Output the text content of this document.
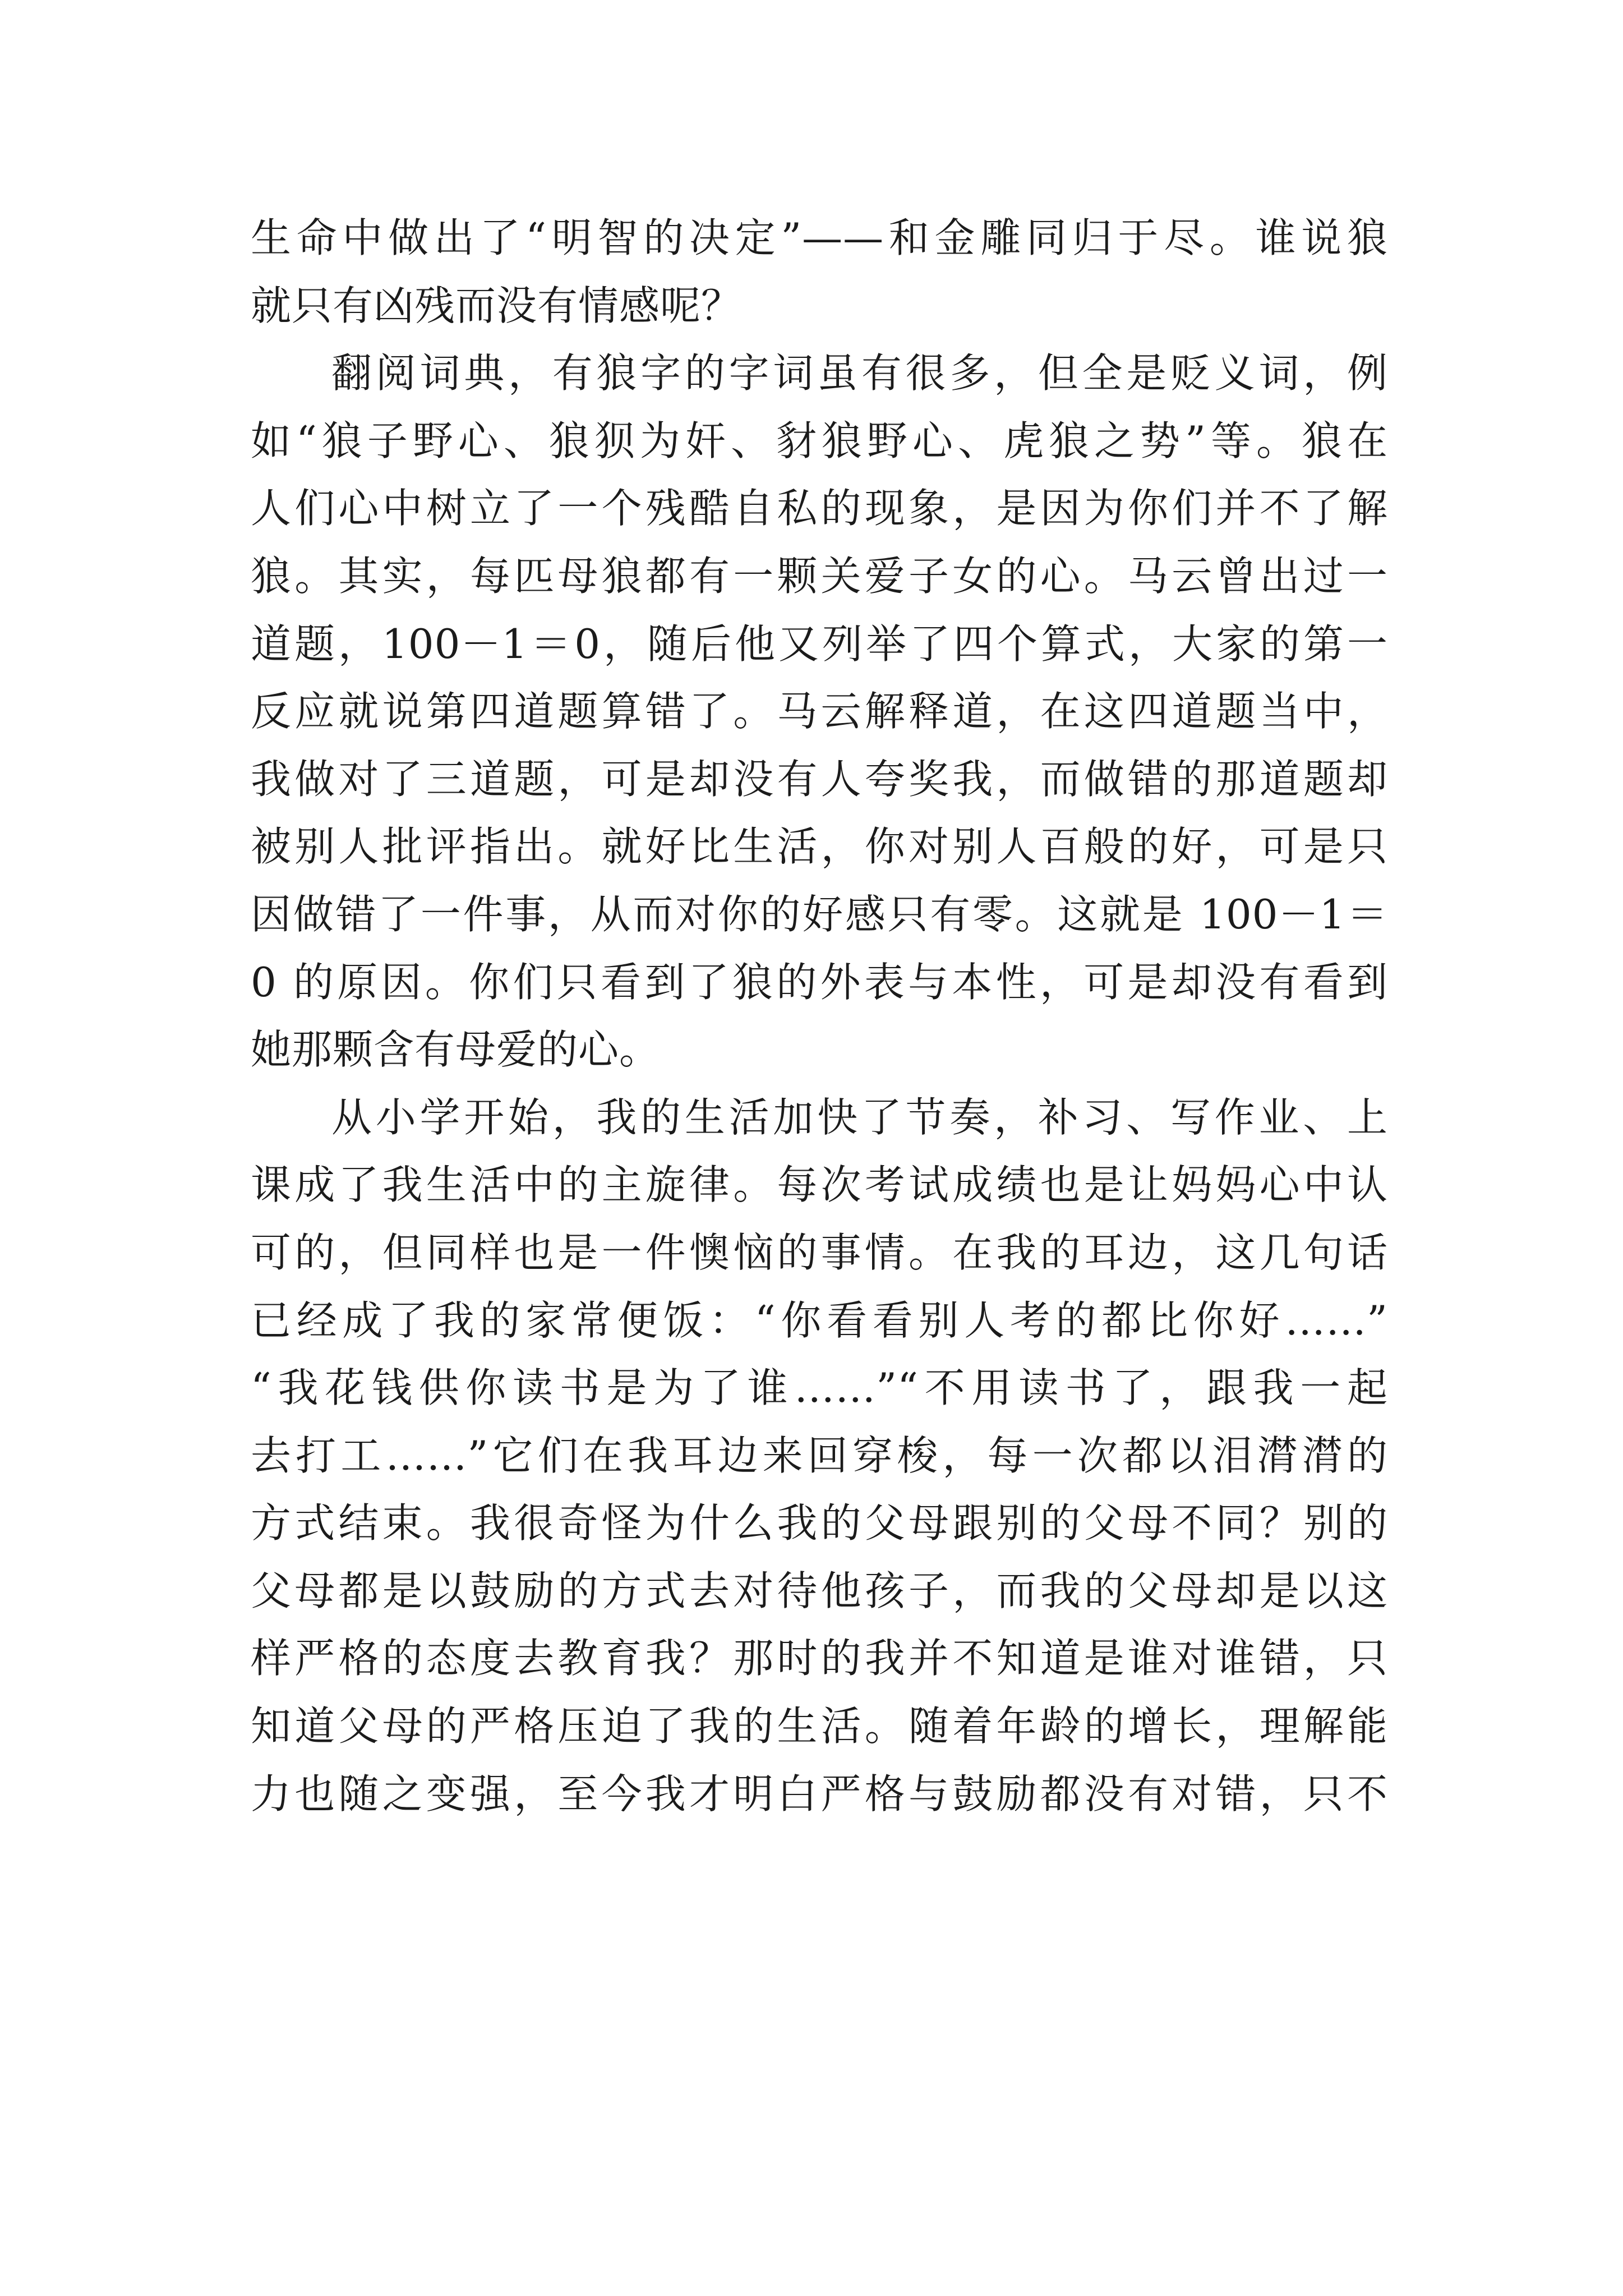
生命中做出了“明智的决定”——和金雕同归于尽。谁说狼
就只有凶残而没有情感呢？
翻阅词典，有狼字的字词虽有很多，但全是贬义词，例
如“狼子野心、狼狈为奸、豺狼野心、虎狼之势”等。狼在
人们心中树立了一个残酷自私的现象，是因为你们并不了解
狼。其实，每匹母狼都有一颗关爱子女的心。马云曾出过一
道题，100－1＝0，随后他又列举了四个算式，大家的第一
反应就说第四道题算错了。马云解释道，在这四道题当中，
我做对了三道题，可是却没有人夸奖我，而做错的那道题却
被别人批评指出。就好比生活，你对别人百般的好，可是只
因做错了一件事，从而对你的好感只有零。这就是 100－1＝
0 的原因。你们只看到了狼的外表与本性，可是却没有看到
她那颗含有母爱的心。
从小学开始，我的生活加快了节奏，补习、写作业、上
课成了我生活中的主旋律。每次考试成绩也是让妈妈心中认
可的，但同样也是一件懊恼的事情。在我的耳边，这几句话
已经成了我的家常便饭：“你看看别人考的都比你好……”
“我花钱供你读书是为了谁……”“不用读书了，跟我一起
去打工……”它们在我耳边来回穿梭，每一次都以泪潸潸的
方式结束。我很奇怪为什么我的父母跟别的父母不同？别的
父母都是以鼓励的方式去对待他孩子，而我的父母却是以这
样严格的态度去教育我？那时的我并不知道是谁对谁错，只
知道父母的严格压迫了我的生活。随着年龄的增长，理解能
力也随之变强，至今我才明白严格与鼓励都没有对错，只不
